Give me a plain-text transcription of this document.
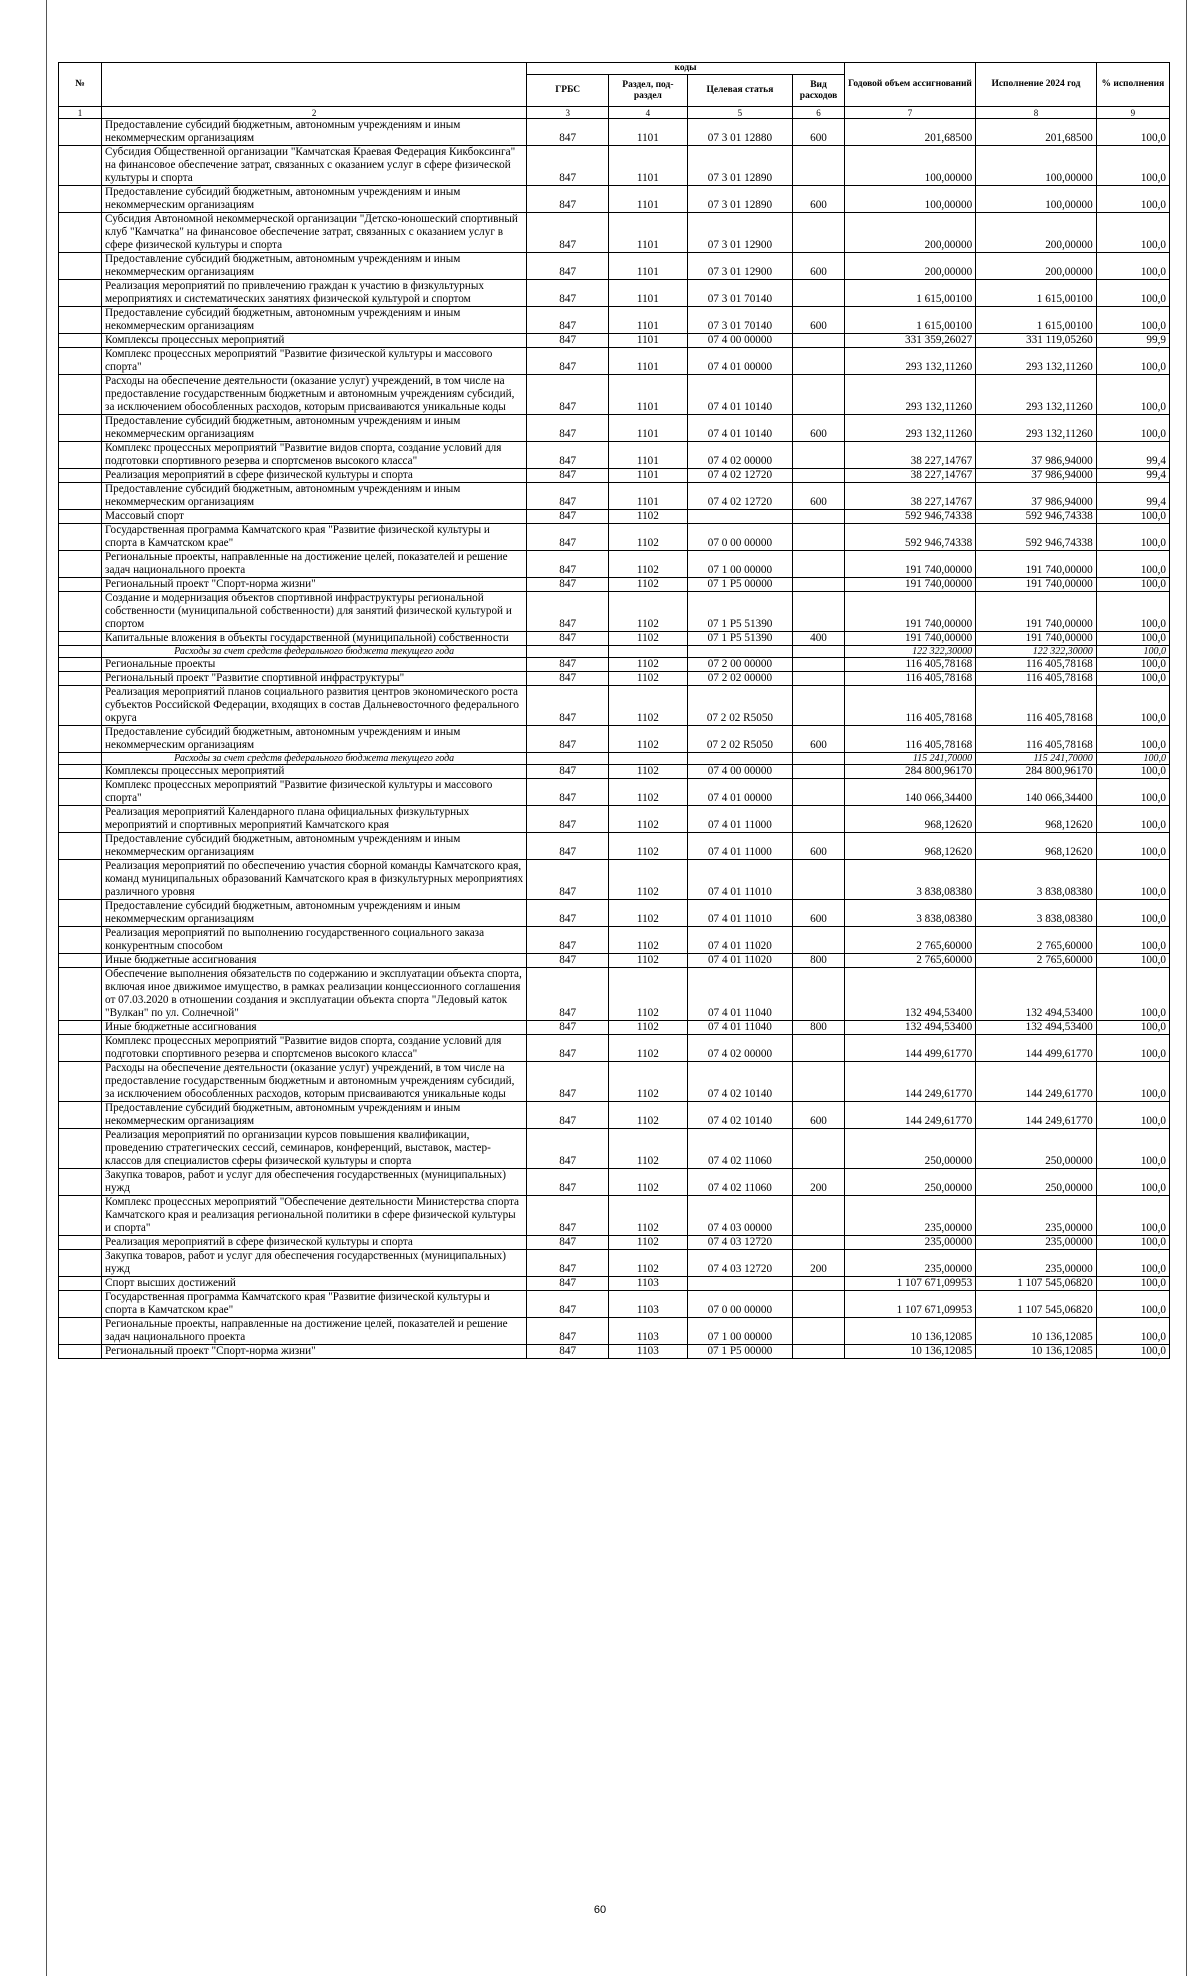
№		коды				Годовой объем ассигнований	Исполнение 2024 год	% исполнения
		ГРБС	Раздел, под-раздел	Целевая статья	Вид расходов			
1	2	3	4	5	6	7	8	9
	Предоставление субсидий бюджетным, автономным учреждениям и иным некоммерческим организациям	847	1101	07 3 01 12880	600	201,68500	201,68500	100,0
	Субсидия Общественной организации "Камчатская Краевая Федерация Кикбоксинга" на финансовое обеспечение затрат, связанных с оказанием услуг в сфере физической культуры и спорта	847	1101	07 3 01 12890		100,00000	100,00000	100,0
	Предоставление субсидий бюджетным, автономным учреждениям и иным некоммерческим организациям	847	1101	07 3 01 12890	600	100,00000	100,00000	100,0
	Субсидия Автономной некоммерческой организации "Детско-юношеский спортивный клуб "Камчатка" на финансовое обеспечение затрат, связанных с оказанием услуг в сфере физической культуры и спорта	847	1101	07 3 01 12900		200,00000	200,00000	100,0
	Предоставление субсидий бюджетным, автономным учреждениям и иным некоммерческим организациям	847	1101	07 3 01 12900	600	200,00000	200,00000	100,0
	Реализация мероприятий по привлечению граждан к участию в физкультурных мероприятиях и систематических занятиях физической культурой и спортом	847	1101	07 3 01 70140		1 615,00100	1 615,00100	100,0
	Предоставление субсидий бюджетным, автономным учреждениям и иным некоммерческим организациям	847	1101	07 3 01 70140	600	1 615,00100	1 615,00100	100,0
	Комплексы процессных мероприятий	847	1101	07 4 00 00000		331 359,26027	331 119,05260	99,9
	Комплекс процессных мероприятий "Развитие физической культуры и массового спорта"	847	1101	07 4 01 00000		293 132,11260	293 132,11260	100,0
	Расходы на обеспечение деятельности (оказание услуг) учреждений, в том числе на предоставление государственным бюджетным и автономным учреждениям субсидий, за исключением обособленных расходов, которым присваиваются уникальные коды	847	1101	07 4 01 10140		293 132,11260	293 132,11260	100,0
	Предоставление субсидий бюджетным, автономным учреждениям и иным некоммерческим организациям	847	1101	07 4 01 10140	600	293 132,11260	293 132,11260	100,0
	Комплекс процессных мероприятий "Развитие видов спорта, создание условий для подготовки спортивного резерва и спортсменов высокого класса"	847	1101	07 4 02 00000		38 227,14767	37 986,94000	99,4
	Реализация мероприятий в сфере физической культуры и спорта	847	1101	07 4 02 12720		38 227,14767	37 986,94000	99,4
	Предоставление субсидий бюджетным, автономным учреждениям и иным некоммерческим организациям	847	1101	07 4 02 12720	600	38 227,14767	37 986,94000	99,4
	Массовый спорт	847	1102			592 946,74338	592 946,74338	100,0
	Государственная программа Камчатского края "Развитие физической культуры и спорта в Камчатском крае"	847	1102	07 0 00 00000		592 946,74338	592 946,74338	100,0
	Региональные проекты, направленные на достижение целей, показателей и решение задач национального проекта	847	1102	07 1 00 00000		191 740,00000	191 740,00000	100,0
	Региональный проект "Спорт-норма жизни"	847	1102	07 1 P5 00000		191 740,00000	191 740,00000	100,0
	Создание и модернизация объектов спортивной инфраструктуры региональной собственности (муниципальной собственности) для занятий физической культурой и спортом	847	1102	07 1 P5 51390		191 740,00000	191 740,00000	100,0
	Капитальные вложения в объекты государственной (муниципальной) собственности	847	1102	07 1 P5 51390	400	191 740,00000	191 740,00000	100,0
	Расходы за счет средств федерального бюджета текущего года					122 322,30000	122 322,30000	100,0
	Региональные проекты	847	1102	07 2 00 00000		116 405,78168	116 405,78168	100,0
	Региональный проект "Развитие спортивной инфраструктуры"	847	1102	07 2 02 00000		116 405,78168	116 405,78168	100,0
	Реализация мероприятий планов социального развития центров экономического роста субъектов Российской Федерации, входящих в состав Дальневосточного федерального округа	847	1102	07 2 02 R5050		116 405,78168	116 405,78168	100,0
	Предоставление субсидий бюджетным, автономным учреждениям и иным некоммерческим организациям	847	1102	07 2 02 R5050	600	116 405,78168	116 405,78168	100,0
	Расходы за счет средств федерального бюджета текущего года					115 241,70000	115 241,70000	100,0
	Комплексы процессных мероприятий	847	1102	07 4 00 00000		284 800,96170	284 800,96170	100,0
	Комплекс процессных мероприятий "Развитие физической культуры и массового спорта"	847	1102	07 4 01 00000		140 066,34400	140 066,34400	100,0
	Реализация мероприятий Календарного плана официальных физкультурных мероприятий и спортивных мероприятий Камчатского края	847	1102	07 4 01 11000		968,12620	968,12620	100,0
	Предоставление субсидий бюджетным, автономным учреждениям и иным некоммерческим организациям	847	1102	07 4 01 11000	600	968,12620	968,12620	100,0
	Реализация мероприятий по обеспечению участия сборной команды Камчатского края, команд муниципальных образований Камчатского края в физкультурных мероприятиях различного уровня	847	1102	07 4 01 11010		3 838,08380	3 838,08380	100,0
	Предоставление субсидий бюджетным, автономным учреждениям и иным некоммерческим организациям	847	1102	07 4 01 11010	600	3 838,08380	3 838,08380	100,0
	Реализация мероприятий по выполнению государственного социального заказа конкурентным способом	847	1102	07 4 01 11020		2 765,60000	2 765,60000	100,0
	Иные бюджетные ассигнования	847	1102	07 4 01 11020	800	2 765,60000	2 765,60000	100,0
	Обеспечение выполнения обязательств по содержанию и эксплуатации объекта спорта, включая иное движимое имущество, в рамках реализации концессионного соглашения от 07.03.2020 в отношении создания и эксплуатации объекта спорта "Ледовый каток "Вулкан" по ул. Солнечной"	847	1102	07 4 01 11040		132 494,53400	132 494,53400	100,0
	Иные бюджетные ассигнования	847	1102	07 4 01 11040	800	132 494,53400	132 494,53400	100,0
	Комплекс процессных мероприятий "Развитие видов спорта, создание условий для подготовки спортивного резерва и спортсменов высокого класса"	847	1102	07 4 02 00000		144 499,61770	144 499,61770	100,0
	Расходы на обеспечение деятельности (оказание услуг) учреждений, в том числе на предоставление государственным бюджетным и автономным учреждениям субсидий, за исключением обособленных расходов, которым присваиваются уникальные коды	847	1102	07 4 02 10140		144 249,61770	144 249,61770	100,0
	Предоставление субсидий бюджетным, автономным учреждениям и иным некоммерческим организациям	847	1102	07 4 02 10140	600	144 249,61770	144 249,61770	100,0
	Реализация мероприятий по организации курсов повышения квалификации, проведению стратегических сессий, семинаров, конференций, выставок, мастер-классов для специалистов сферы физической культуры и спорта	847	1102	07 4 02 11060		250,00000	250,00000	100,0
	Закупка товаров, работ и услуг для обеспечения государственных (муниципальных) нужд	847	1102	07 4 02 11060	200	250,00000	250,00000	100,0
	Комплекс процессных мероприятий "Обеспечение деятельности Министерства спорта Камчатского края и реализация региональной политики в сфере физической культуры и спорта"	847	1102	07 4 03 00000		235,00000	235,00000	100,0
	Реализация мероприятий в сфере физической культуры и спорта	847	1102	07 4 03 12720		235,00000	235,00000	100,0
	Закупка товаров, работ и услуг для обеспечения государственных (муниципальных) нужд	847	1102	07 4 03 12720	200	235,00000	235,00000	100,0
	Спорт высших достижений	847	1103			1 107 671,09953	1 107 545,06820	100,0
	Государственная программа Камчатского края "Развитие физической культуры и спорта в Камчатском крае"	847	1103	07 0 00 00000		1 107 671,09953	1 107 545,06820	100,0
	Региональные проекты, направленные на достижение целей, показателей и решение задач национального проекта	847	1103	07 1 00 00000		10 136,12085	10 136,12085	100,0
	Региональный проект "Спорт-норма жизни"	847	1103	07 1 P5 00000		10 136,12085	10 136,12085	100,0
60
